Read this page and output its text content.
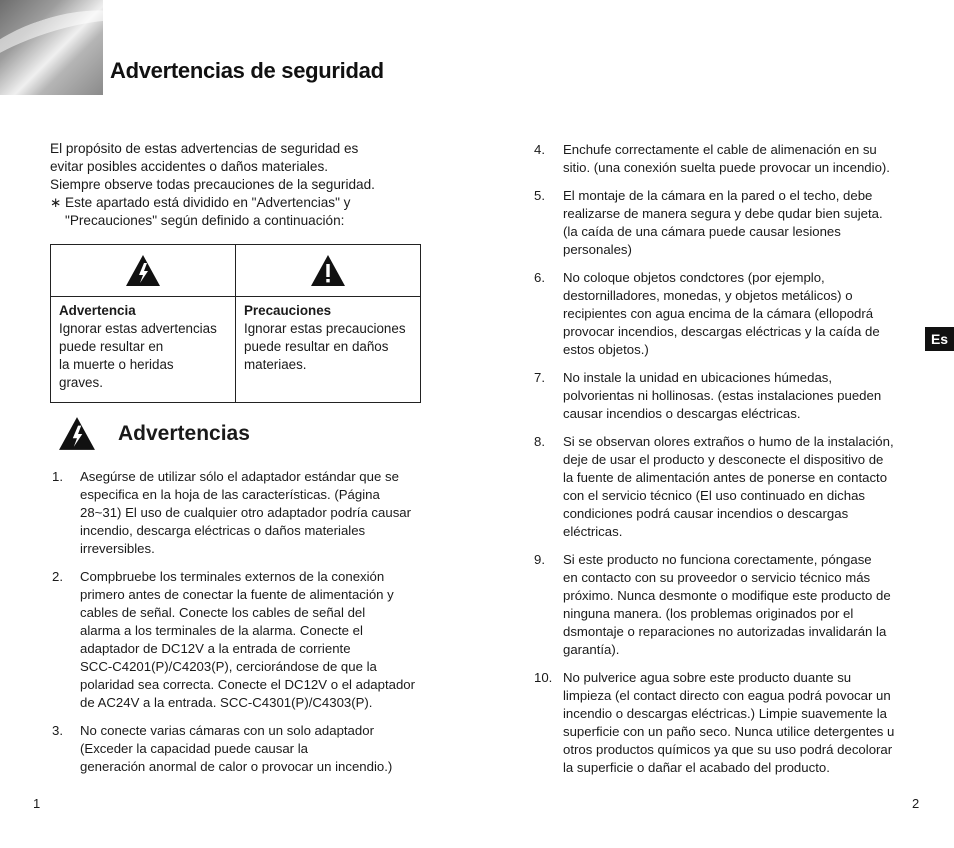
Advertencias de seguridad

El propósito de estas advertencias de seguridad es

evitar posibles accidentes o daños materiales.

Siempre observe todas precauciones de la seguridad.

∗ Este apartado está dividido en "Advertencias" y

"Precauciones" según definido a continuación:

Advertencia
Ignorar estas advertencias
puede resultar en
la muerte o heridas
graves.
Precauciones
Ignorar estas precauciones
puede resultar en daños
materiaes.
Advertencias
1.	Asegúrse de utilizar sólo el adaptador estándar que se
especifica en la hoja de las características. (Página
28~31) El uso de cualquier otro adaptador podría causar
incendio, descarga eléctricas o daños materiales
irreversibles.
2.	Compbruebe los terminales externos de la conexión
primero antes de conectar la fuente de alimentación y
cables de señal. Conecte los cables de señal del
alarma a los terminales de la alarma. Conecte el
adaptador de DC12V a la entrada de corriente
SCC-C4201(P)/C4203(P), cerciorándose de que la
polaridad sea correcta. Conecte el DC12V o el adaptador
de AC24V a la entrada. SCC-C4301(P)/C4303(P).
3.	No conecte varias cámaras con un solo adaptador
(Exceder la capacidad puede causar la
generación anormal de calor o provocar un incendio.)
4.	Enchufe correctamente el cable de alimenación en su
sitio. (una conexión suelta puede provocar un incendio).
5.	El montaje de la cámara en la pared o el techo, debe
realizarse de manera segura y debe qudar bien sujeta.
(la caída de una cámara puede causar lesiones
personales)
6.	No coloque objetos condctores (por ejemplo,
destornilladores, monedas, y objetos metálicos) o
recipientes con agua encima de la cámara (ellopodrá
provocar incendios, descargas eléctricas y la caída de
estos objetos.)
7.	No instale la unidad en ubicaciones húmedas,
polvorientas ni hollinosas. (estas instalaciones pueden
causar incendios o descargas eléctricas.
8.	Si se observan olores extraños o humo de la instalación,
deje de usar el producto y desconecte el dispositivo de
la fuente de alimentación antes de ponerse en contacto
con el servicio técnico (El uso continuado en dichas
condiciones podrá causar incendios o descargas
eléctricas.
9.	Si este producto no funciona corectamente, póngase
en contacto con su proveedor o servicio técnico más
próximo. Nunca desmonte o modifique este producto de
ninguna manera. (los problemas originados por el
dsmontaje o reparaciones no autorizadas invalidarán la
garantía).
10. No pulverice agua sobre este producto duante su
limpieza (el contact directo con eagua podrá povocar un
incendio o descargas eléctricas.) Limpie suavemente la
superficie con un paño seco. Nunca utilice detergentes u
otros productos químicos ya que su uso podrá decolorar
la superficie o dañar el acabado del producto.
Es
1	2
